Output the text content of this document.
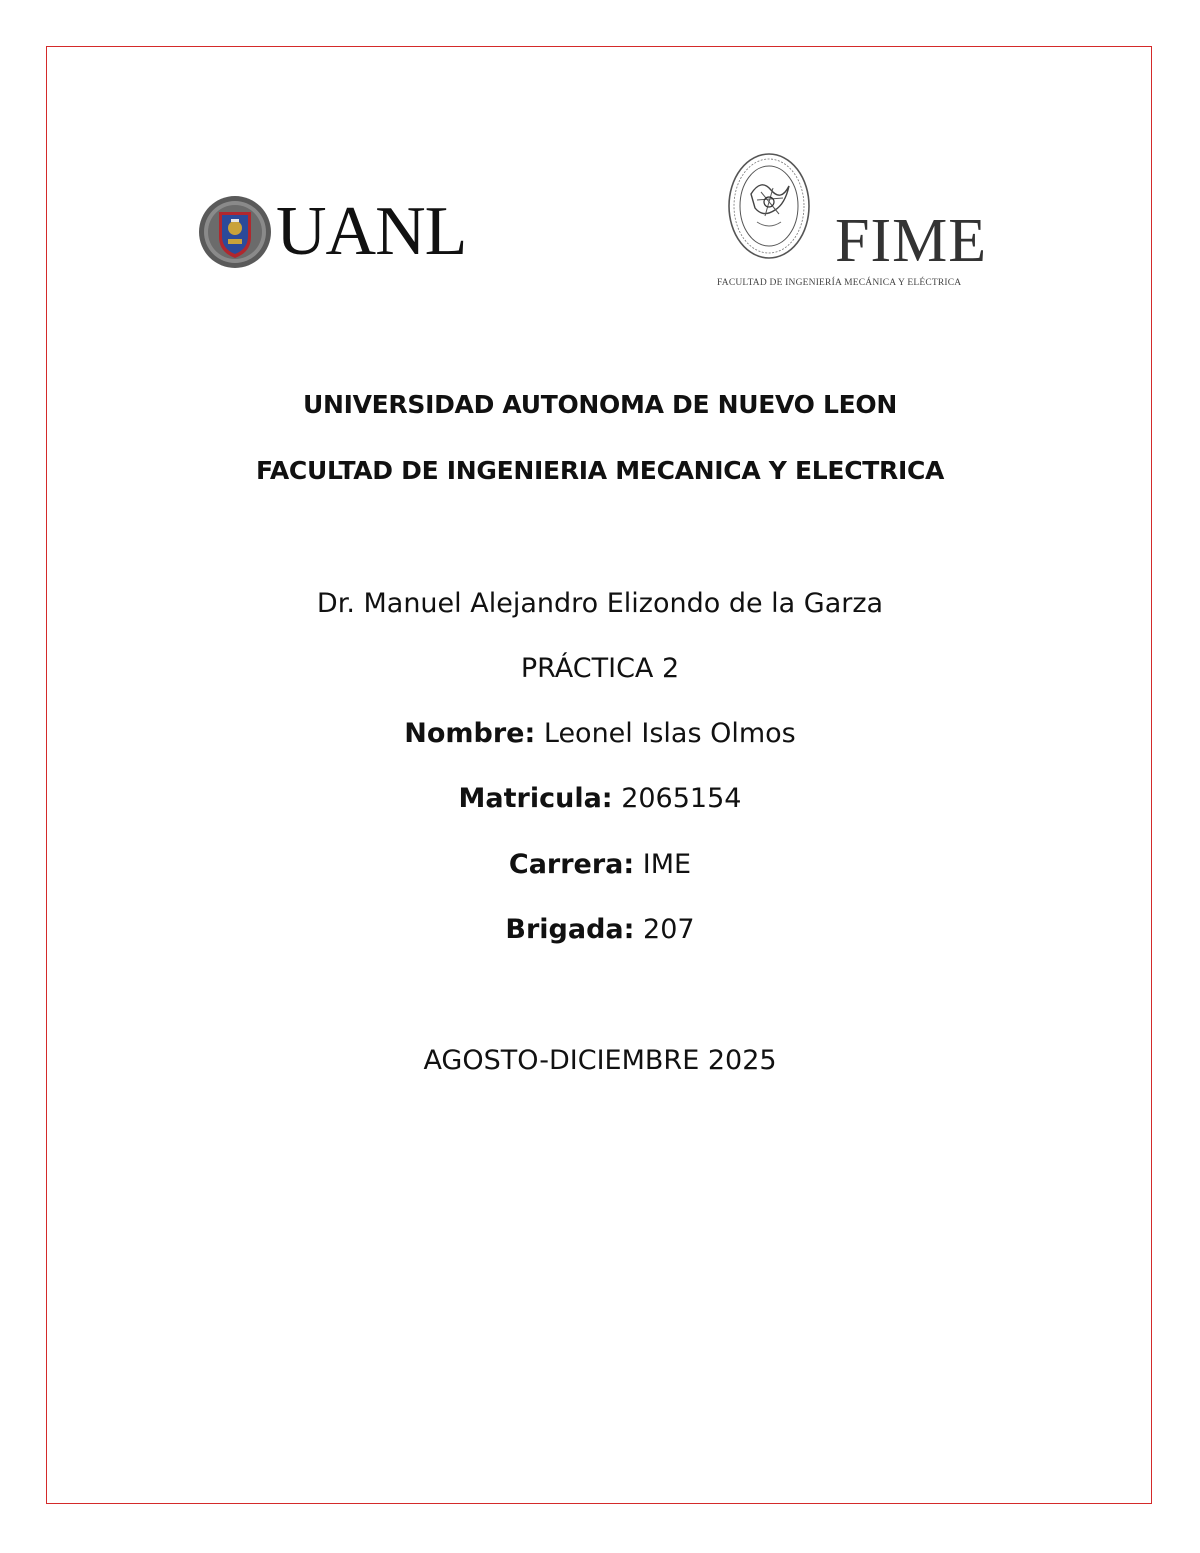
UANL	FIME
FACULTAD DE INGENIERÍA MECÁNICA Y ELÉCTRICA
UNIVERSIDAD AUTONOMA DE NUEVO LEON
FACULTAD DE INGENIERIA MECANICA Y ELECTRICA
Dr. Manuel Alejandro Elizondo de la Garza
PRÁCTICA 2
Nombre: Leonel Islas Olmos
Matricula: 2065154
Carrera: IME
Brigada: 207
AGOSTO-DICIEMBRE 2025
